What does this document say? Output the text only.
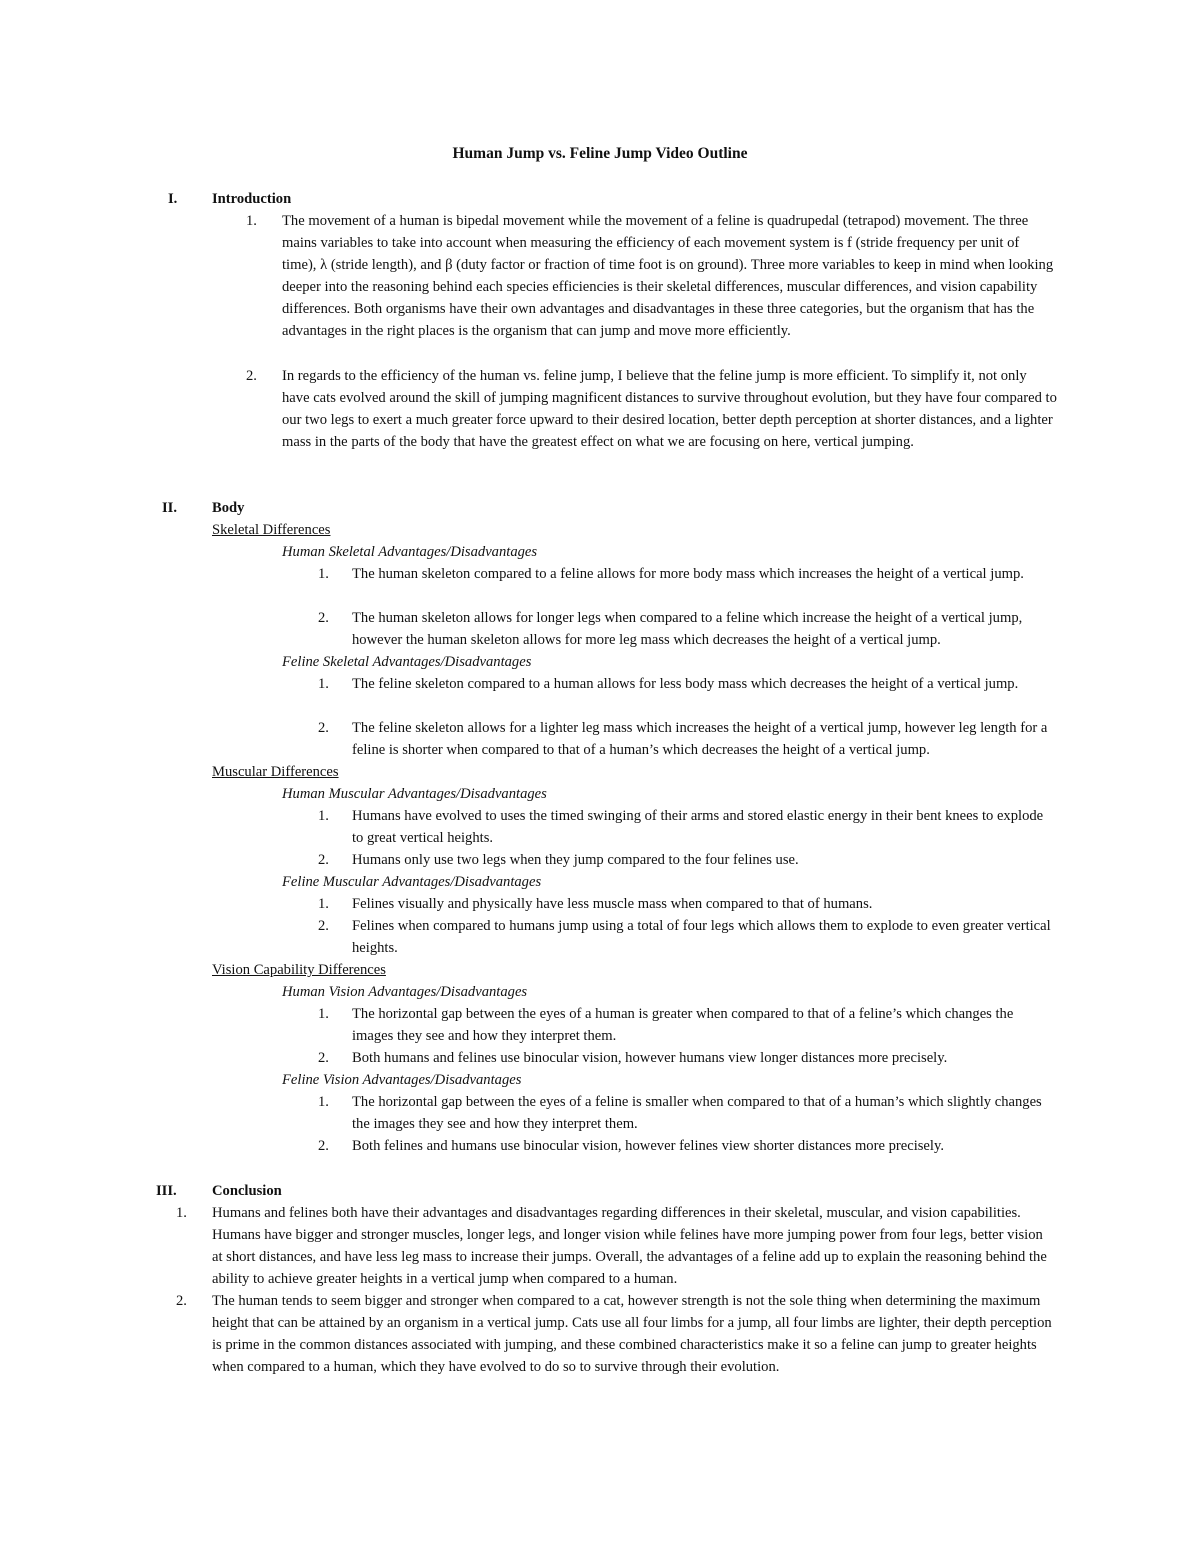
Human Jump vs. Feline Jump Video Outline
I. Introduction
1. The movement of a human is bipedal movement while the movement of a feline is quadrupedal (tetrapod) movement. The three mains variables to take into account when measuring the efficiency of each movement system is f (stride frequency per unit of time), λ (stride length), and β (duty factor or fraction of time foot is on ground). Three more variables to keep in mind when looking deeper into the reasoning behind each species efficiencies is their skeletal differences, muscular differences, and vision capability differences. Both organisms have their own advantages and disadvantages in these three categories, but the organism that has the advantages in the right places is the organism that can jump and move more efficiently.
2. In regards to the efficiency of the human vs. feline jump, I believe that the feline jump is more efficient. To simplify it, not only have cats evolved around the skill of jumping magnificent distances to survive throughout evolution, but they have four compared to our two legs to exert a much greater force upward to their desired location, better depth perception at shorter distances, and a lighter mass in the parts of the body that have the greatest effect on what we are focusing on here, vertical jumping.
II. Body
Skeletal Differences
Human Skeletal Advantages/Disadvantages
1. The human skeleton compared to a feline allows for more body mass which increases the height of a vertical jump.
2. The human skeleton allows for longer legs when compared to a feline which increase the height of a vertical jump, however the human skeleton allows for more leg mass which decreases the height of a vertical jump.
Feline Skeletal Advantages/Disadvantages
1. The feline skeleton compared to a human allows for less body mass which decreases the height of a vertical jump.
2. The feline skeleton allows for a lighter leg mass which increases the height of a vertical jump, however leg length for a feline is shorter when compared to that of a human’s which decreases the height of a vertical jump.
Muscular Differences
Human Muscular Advantages/Disadvantages
1. Humans have evolved to uses the timed swinging of their arms and stored elastic energy in their bent knees to explode to great vertical heights.
2. Humans only use two legs when they jump compared to the four felines use.
Feline Muscular Advantages/Disadvantages
1. Felines visually and physically have less muscle mass when compared to that of humans.
2. Felines when compared to humans jump using a total of four legs which allows them to explode to even greater vertical heights.
Vision Capability Differences
Human Vision Advantages/Disadvantages
1. The horizontal gap between the eyes of a human is greater when compared to that of a feline’s which changes the images they see and how they interpret them.
2. Both humans and felines use binocular vision, however humans view longer distances more precisely.
Feline Vision Advantages/Disadvantages
1. The horizontal gap between the eyes of a feline is smaller when compared to that of a human’s which slightly changes the images they see and how they interpret them.
2. Both felines and humans use binocular vision, however felines view shorter distances more precisely.
III. Conclusion
1. Humans and felines both have their advantages and disadvantages regarding differences in their skeletal, muscular, and vision capabilities. Humans have bigger and stronger muscles, longer legs, and longer vision while felines have more jumping power from four legs, better vision at short distances, and have less leg mass to increase their jumps. Overall, the advantages of a feline add up to explain the reasoning behind the ability to achieve greater heights in a vertical jump when compared to a human.
2. The human tends to seem bigger and stronger when compared to a cat, however strength is not the sole thing when determining the maximum height that can be attained by an organism in a vertical jump. Cats use all four limbs for a jump, all four limbs are lighter, their depth perception is prime in the common distances associated with jumping, and these combined characteristics make it so a feline can jump to greater heights when compared to a human, which they have evolved to do so to survive through their evolution.
